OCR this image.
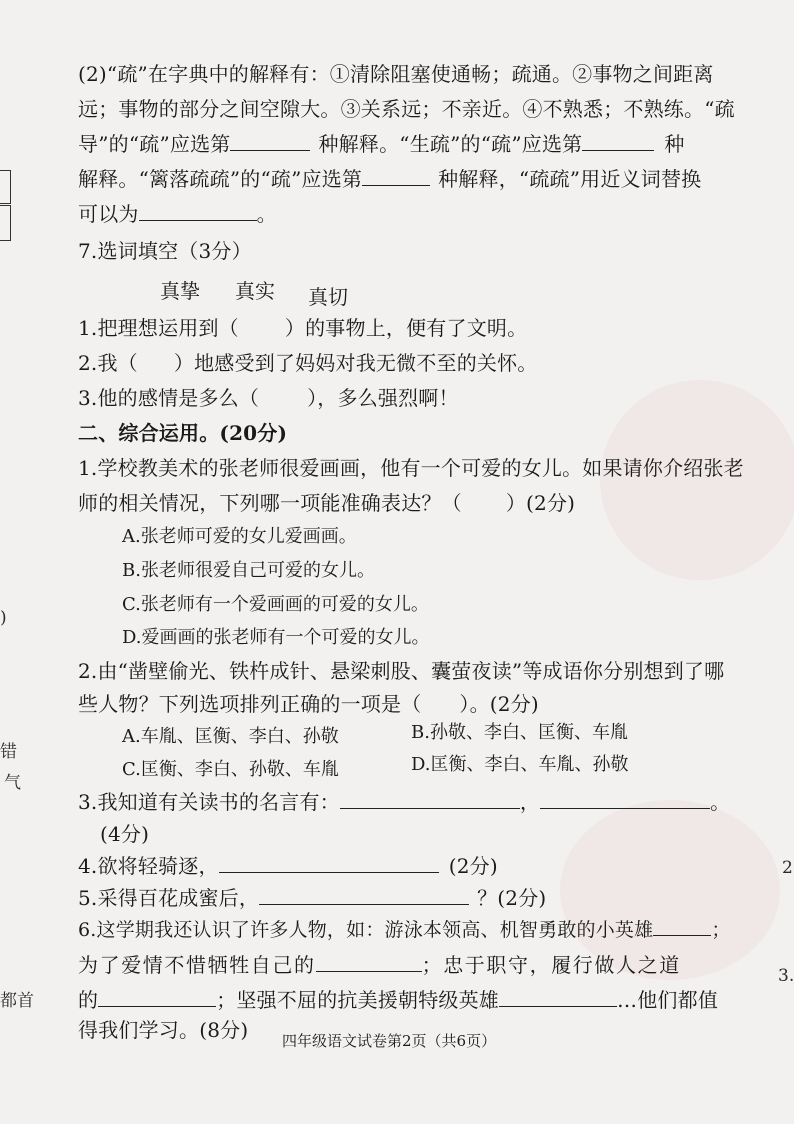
)
错
气
都首
2
3.
(2)“疏”在字典中的解释有：①清除阻塞使通畅；疏通。②事物之间距离
远；事物的部分之间空隙大。③关系远；不亲近。④不熟悉；不熟练。“疏
导”的“疏”应选第	种解释。“生疏”的“疏”应选第	种
解释。“篱落疏疏”的“疏”应选第	种解释，“疏疏”用近义词替换
可以为	。
7.选词填空（3分）
真挚 真实 真切
1.把理想运用到（ ）的事物上，便有了文明。
2.我（ ）地感受到了妈妈对我无微不至的关怀。
3.他的感情是多么（ ），多么强烈啊！
二、综合运用。(20分)
1.学校教美术的张老师很爱画画，他有一个可爱的女儿。如果请你介绍张老
师的相关情况，下列哪一项能准确表达？（ ）(2分)
A.张老师可爱的女儿爱画画。
B.张老师很爱自己可爱的女儿。
C.张老师有一个爱画画的可爱的女儿。
D.爱画画的张老师有一个可爱的女儿。
2.由“凿壁偷光、铁杵成针、悬梁刺股、囊萤夜读”等成语你分别想到了哪
些人物？下列选项排列正确的一项是（ ）。(2分)
A.车胤、匡衡、李白、孙敬	B.孙敬、李白、匡衡、车胤
C.匡衡、李白、孙敬、车胤	D.匡衡、李白、车胤、孙敬
3.我知道有关读书的名言有：	，	。
(4分)
4.欲将轻骑逐，	(2分)
5.采得百花成蜜后，	？(2分)
6.这学期我还认识了许多人物，如：游泳本领高、机智勇敢的小英雄	；
为了爱情不惜牺牲自己的	；忠于职守，履行做人之道
的	；坚强不屈的抗美援朝特级英雄	…他们都值
得我们学习。(8分) 四年级语文试卷第2页（共6页）
